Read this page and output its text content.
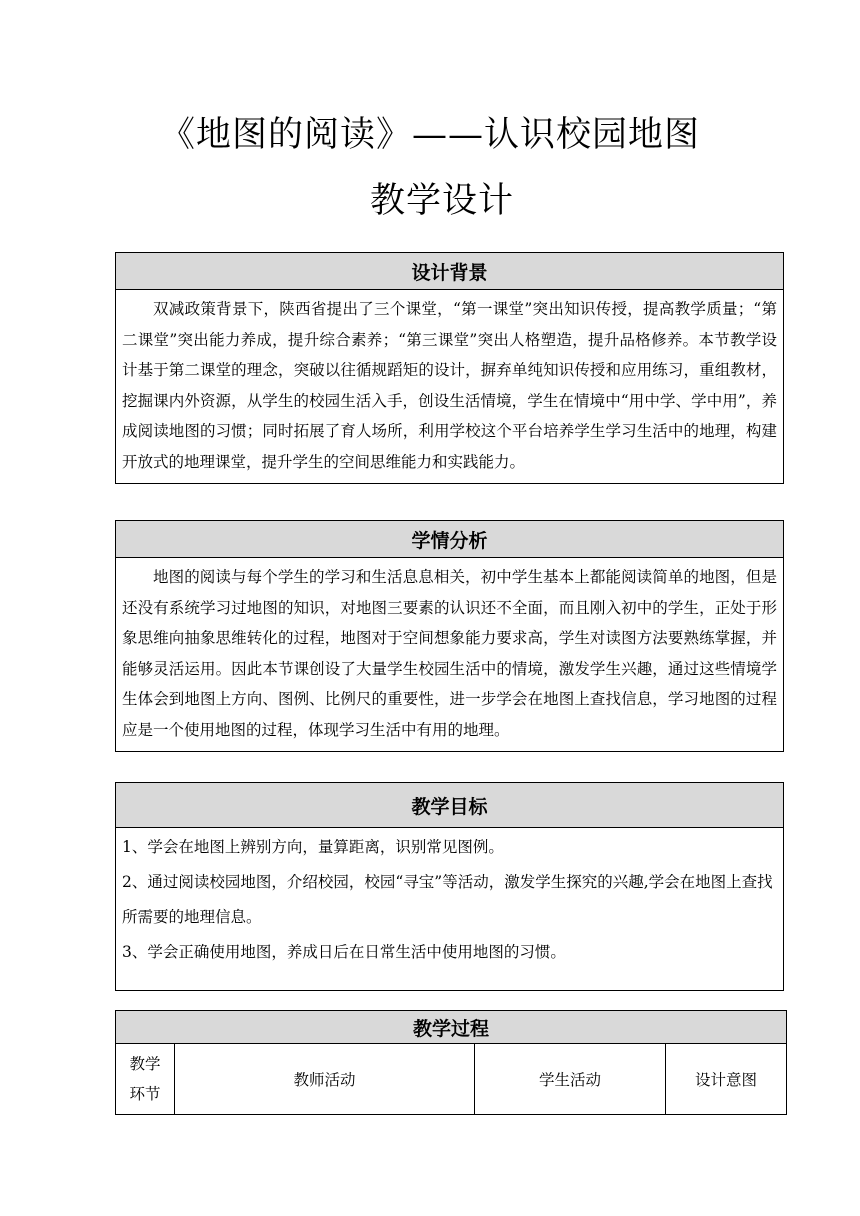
《地图的阅读》——认识校园地图
教学设计
设计背景
双减政策背景下，陕西省提出了三个课堂，“第一课堂”突出知识传授，提高教学质量；“第二课堂”突出能力养成，提升综合素养；“第三课堂”突出人格塑造，提升品格修养。本节教学设计基于第二课堂的理念，突破以往循规蹈矩的设计，摒弃单纯知识传授和应用练习，重组教材，挖掘课内外资源，从学生的校园生活入手，创设生活情境，学生在情境中“用中学、学中用”，养成阅读地图的习惯；同时拓展了育人场所，利用学校这个平台培养学生学习生活中的地理，构建开放式的地理课堂，提升学生的空间思维能力和实践能力。
学情分析
地图的阅读与每个学生的学习和生活息息相关，初中学生基本上都能阅读简单的地图，但是还没有系统学习过地图的知识，对地图三要素的认识还不全面，而且刚入初中的学生，正处于形象思维向抽象思维转化的过程，地图对于空间想象能力要求高，学生对读图方法要熟练掌握，并能够灵活运用。因此本节课创设了大量学生校园生活中的情境，激发学生兴趣，通过这些情境学生体会到地图上方向、图例、比例尺的重要性，进一步学会在地图上查找信息，学习地图的过程应是一个使用地图的过程，体现学习生活中有用的地理。
教学目标

1、学会在地图上辨别方向，量算距离，识别常见图例。

2、通过阅读校园地图，介绍校园，校园“寻宝”等活动，激发学生探究的兴趣,学会在地图上查找所需要的地理信息。

3、学会正确使用地图，养成日后在日常生活中使用地图的习惯。

教学过程

教学
环节
	教师活动	学生活动	设计意图
